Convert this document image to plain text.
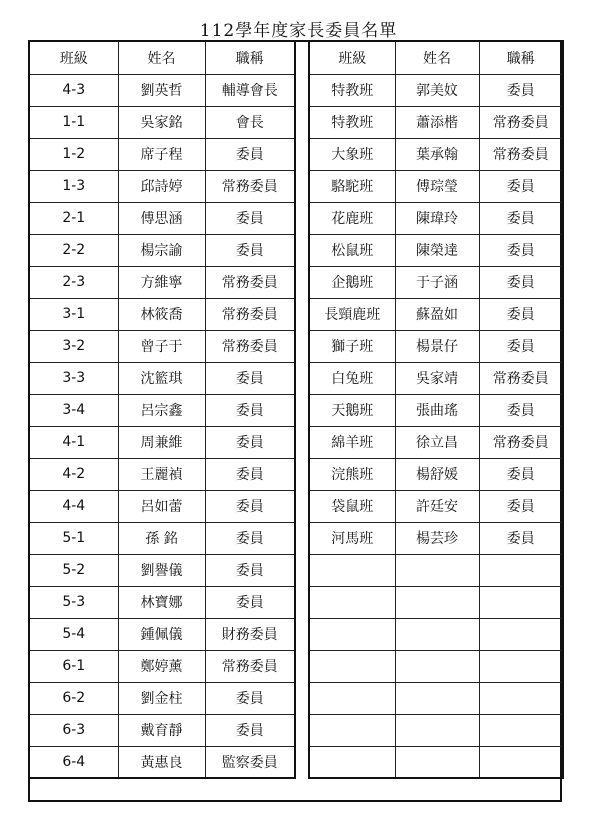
112學年度家長委員名單
班級	姓名	職稱
4-3	劉英哲	輔導會長
1-1	吳家銘	會長
1-2	席子程	委員
1-3	邱詩婷	常務委員
2-1	傅思涵	委員
2-2	楊宗諭	委員
2-3	方維寧	常務委員
3-1	林筱喬	常務委員
3-2	曾子于	常務委員
3-3	沈籃琪	委員
3-4	呂宗鑫	委員
4-1	周兼維	委員
4-2	王麗禎	委員
4-4	呂如蕾	委員
5-1	孫 銘	委員
5-2	劉譽儀	委員
5-3	林寶娜	委員
5-4	鍾佩儀	財務委員
6-1	鄭婷薰	常務委員
6-2	劉金柱	委員
6-3	戴育靜	委員
6-4	黃惠良	監察委員
班級	姓名	職稱
特教班	郭美妏	委員
特教班	蕭添楷	常務委員
大象班	葉承翰	常務委員
駱駝班	傅琮瑩	委員
花鹿班	陳瑋玲	委員
松鼠班	陳榮達	委員
企鵝班	于子涵	委員
長頸鹿班	蘇盈如	委員
獅子班	楊景仔	委員
白兔班	吳家靖	常務委員
天鵝班	張曲瑤	委員
綿羊班	徐立昌	常務委員
浣熊班	楊舒媛	委員
袋鼠班	許廷安	委員
河馬班	楊芸珍	委員
